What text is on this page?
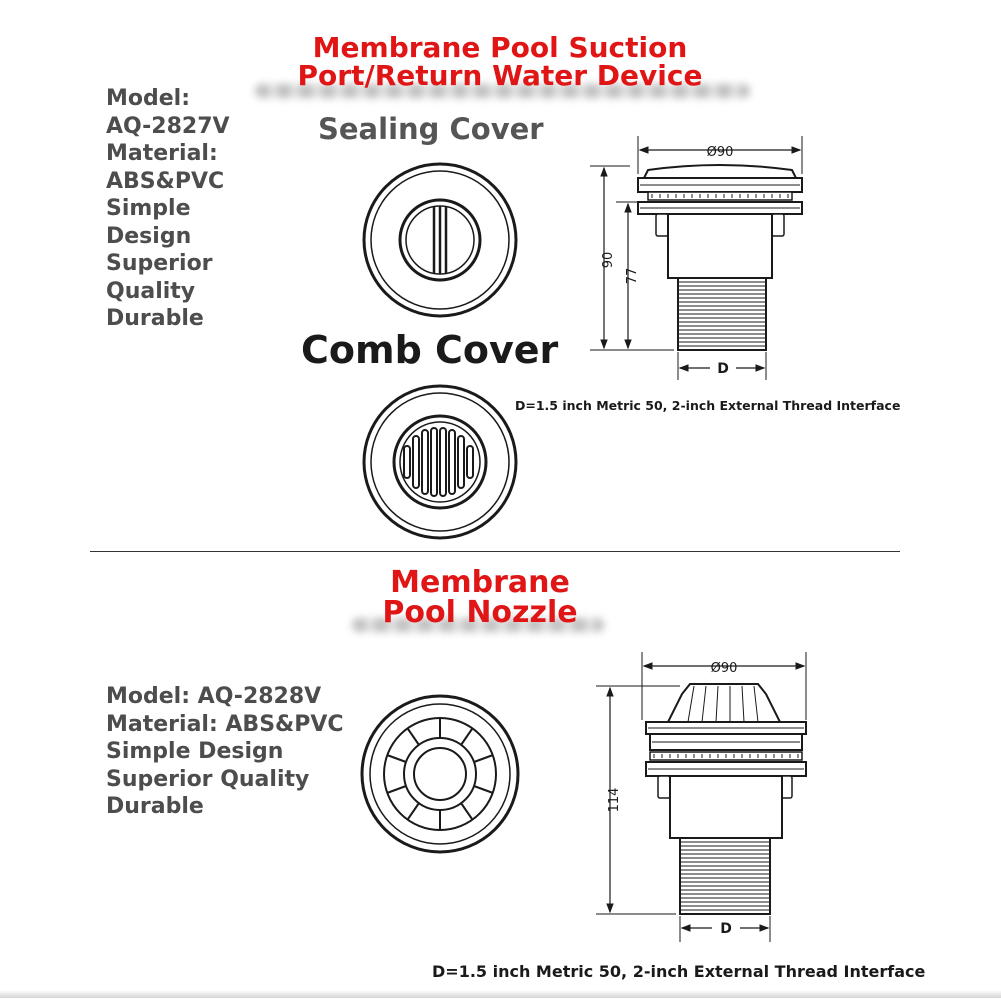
Membrane Pool Suction
Port/Return Water Device
Model:
AQ-2827V
Material:
ABS&PVC
Simple
Design
Superior
Quality
Durable
Sealing Cover
Comb Cover
Ø90
90
77
D
D=1.5 inch Metric 50, 2-inch External Thread Interface
Membrane
Pool Nozzle
Model: AQ-2828V
Material: ABS&PVC
Simple Design
Superior Quality
Durable
Ø90
114
D
D=1.5 inch Metric 50, 2-inch External Thread Interface
